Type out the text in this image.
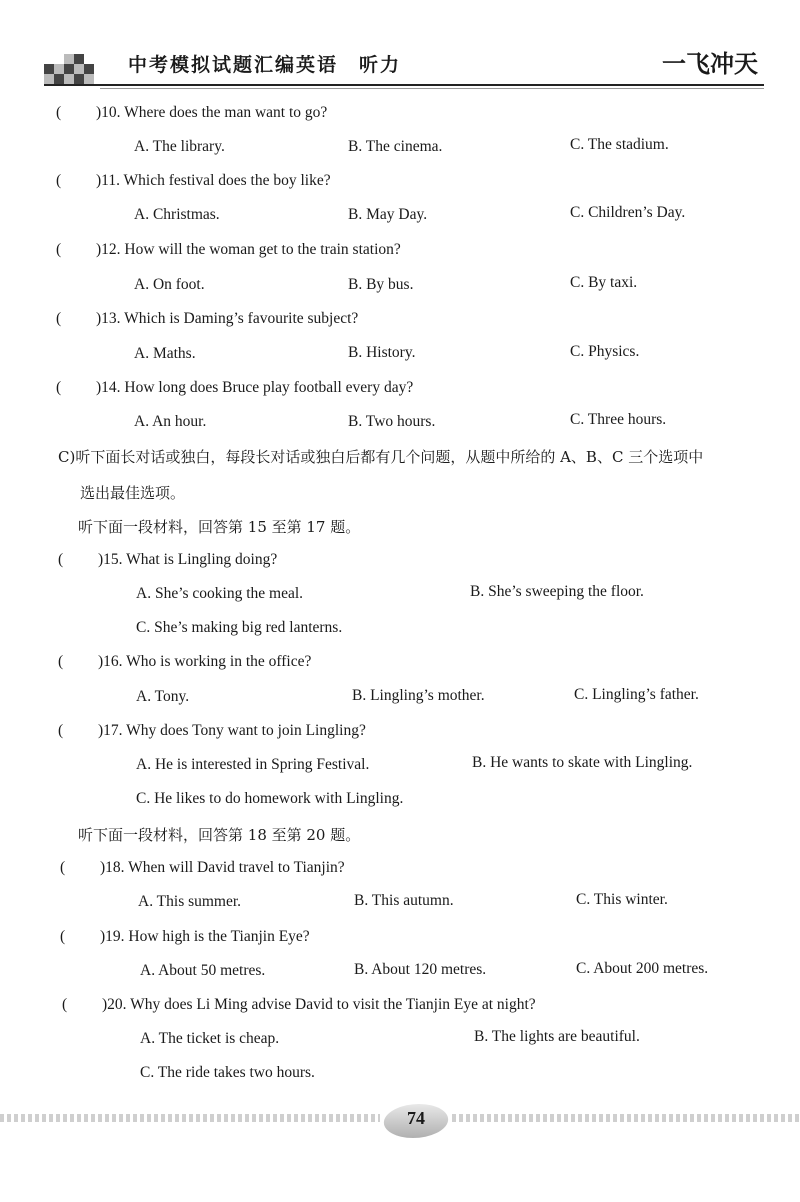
中考模拟试题汇编英语　听力	一飞冲天
( )10. Where does the man want to go?
A. The library.	B. The cinema.	C. The stadium.
( )11. Which festival does the boy like?
A. Christmas.	B. May Day.	C. Children’s Day.
( )12. How will the woman get to the train station?
A. On foot.	B. By bus.	C. By taxi.
( )13. Which is Daming’s favourite subject?
A. Maths.	B. History.	C. Physics.
( )14. How long does Bruce play football every day?
A. An hour.	B. Two hours.	C. Three hours.
C)听下面长对话或独白，每段长对话或独白后都有几个问题，从题中所给的 A、B、C 三个选项中
选出最佳选项。
听下面一段材料，回答第 15 至第 17 题。
( )15. What is Lingling doing?
A. She’s cooking the meal.	B. She’s sweeping the floor.
C. She’s making big red lanterns.
( )16. Who is working in the office?
A. Tony.	B. Lingling’s mother.	C. Lingling’s father.
( )17. Why does Tony want to join Lingling?
A. He is interested in Spring Festival.	B. He wants to skate with Lingling.
C. He likes to do homework with Lingling.
听下面一段材料，回答第 18 至第 20 题。
( )18. When will David travel to Tianjin?
A. This summer.	B. This autumn.	C. This winter.
( )19. How high is the Tianjin Eye?
A. About 50 metres.	B. About 120 metres.	C. About 200 metres.
( )20. Why does Li Ming advise David to visit the Tianjin Eye at night?
A. The ticket is cheap.	B. The lights are beautiful.
C. The ride takes two hours.
74
